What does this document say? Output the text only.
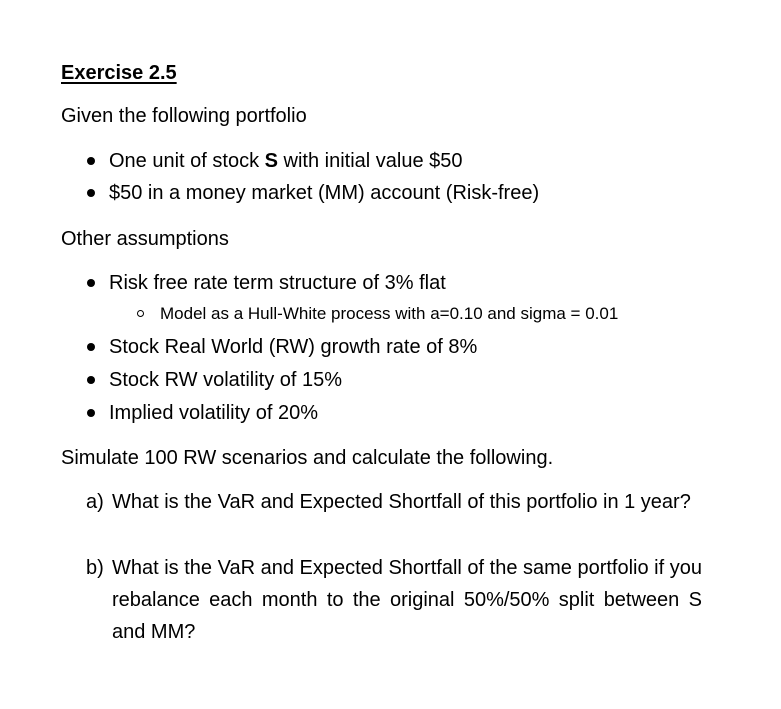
Exercise 2.5
Given the following portfolio
One unit of stock S with initial value $50
$50 in a money market (MM) account (Risk-free)
Other assumptions
Risk free rate term structure of 3% flat
Model as a Hull-White process with a=0.10 and sigma = 0.01
Stock Real World (RW) growth rate of 8%
Stock RW volatility of 15%
Implied volatility of 20%
Simulate 100 RW scenarios and calculate the following.
a) What is the VaR and Expected Shortfall of this portfolio in 1 year?
b) What is the VaR and Expected Shortfall of the same portfolio if you rebalance each month to the original 50%/50% split between S and MM?
